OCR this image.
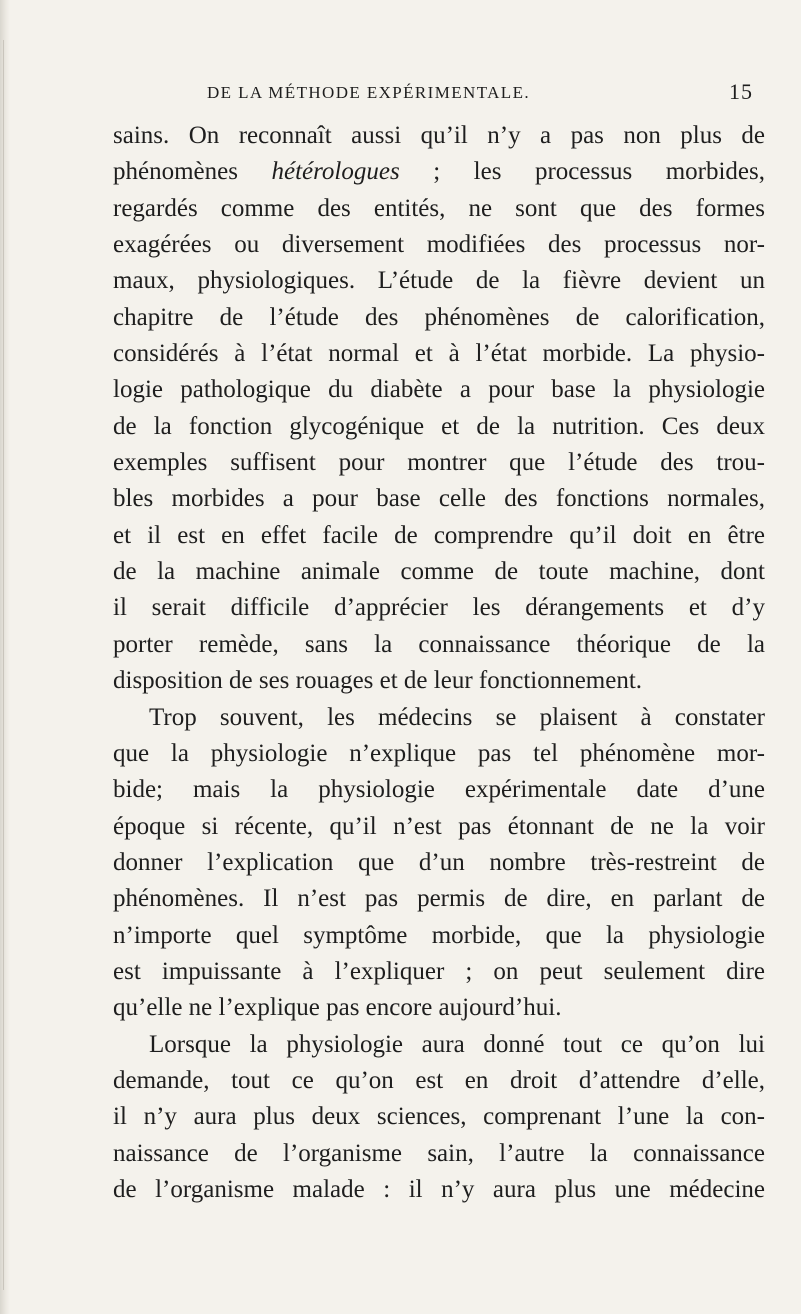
DE LA MÉTHODE EXPÉRIMENTALE.	15
sains. On reconnaît aussi qu’il n’y a pas non plus de
phénomènes hétérologues ; les processus morbides,
regardés comme des entités, ne sont que des formes
exagérées ou diversement modifiées des processus nor-
maux, physiologiques. L’étude de la fièvre devient un
chapitre de l’étude des phénomènes de calorification,
considérés à l’état normal et à l’état morbide. La physio-
logie pathologique du diabète a pour base la physiologie
de la fonction glycogénique et de la nutrition. Ces deux
exemples suffisent pour montrer que l’étude des trou-
bles morbides a pour base celle des fonctions normales,
et il est en effet facile de comprendre qu’il doit en être
de la machine animale comme de toute machine, dont
il serait difficile d’apprécier les dérangements et d’y
porter remède, sans la connaissance théorique de la
disposition de ses rouages et de leur fonctionnement.
Trop souvent, les médecins se plaisent à constater
que la physiologie n’explique pas tel phénomène mor-
bide; mais la physiologie expérimentale date d’une
époque si récente, qu’il n’est pas étonnant de ne la voir
donner l’explication que d’un nombre très-restreint de
phénomènes. Il n’est pas permis de dire, en parlant de
n’importe quel symptôme morbide, que la physiologie
est impuissante à l’expliquer ; on peut seulement dire
qu’elle ne l’explique pas encore aujourd’hui.
Lorsque la physiologie aura donné tout ce qu’on lui
demande, tout ce qu’on est en droit d’attendre d’elle,
il n’y aura plus deux sciences, comprenant l’une la con-
naissance de l’organisme sain, l’autre la connaissance
de l’organisme malade : il n’y aura plus une médecine
